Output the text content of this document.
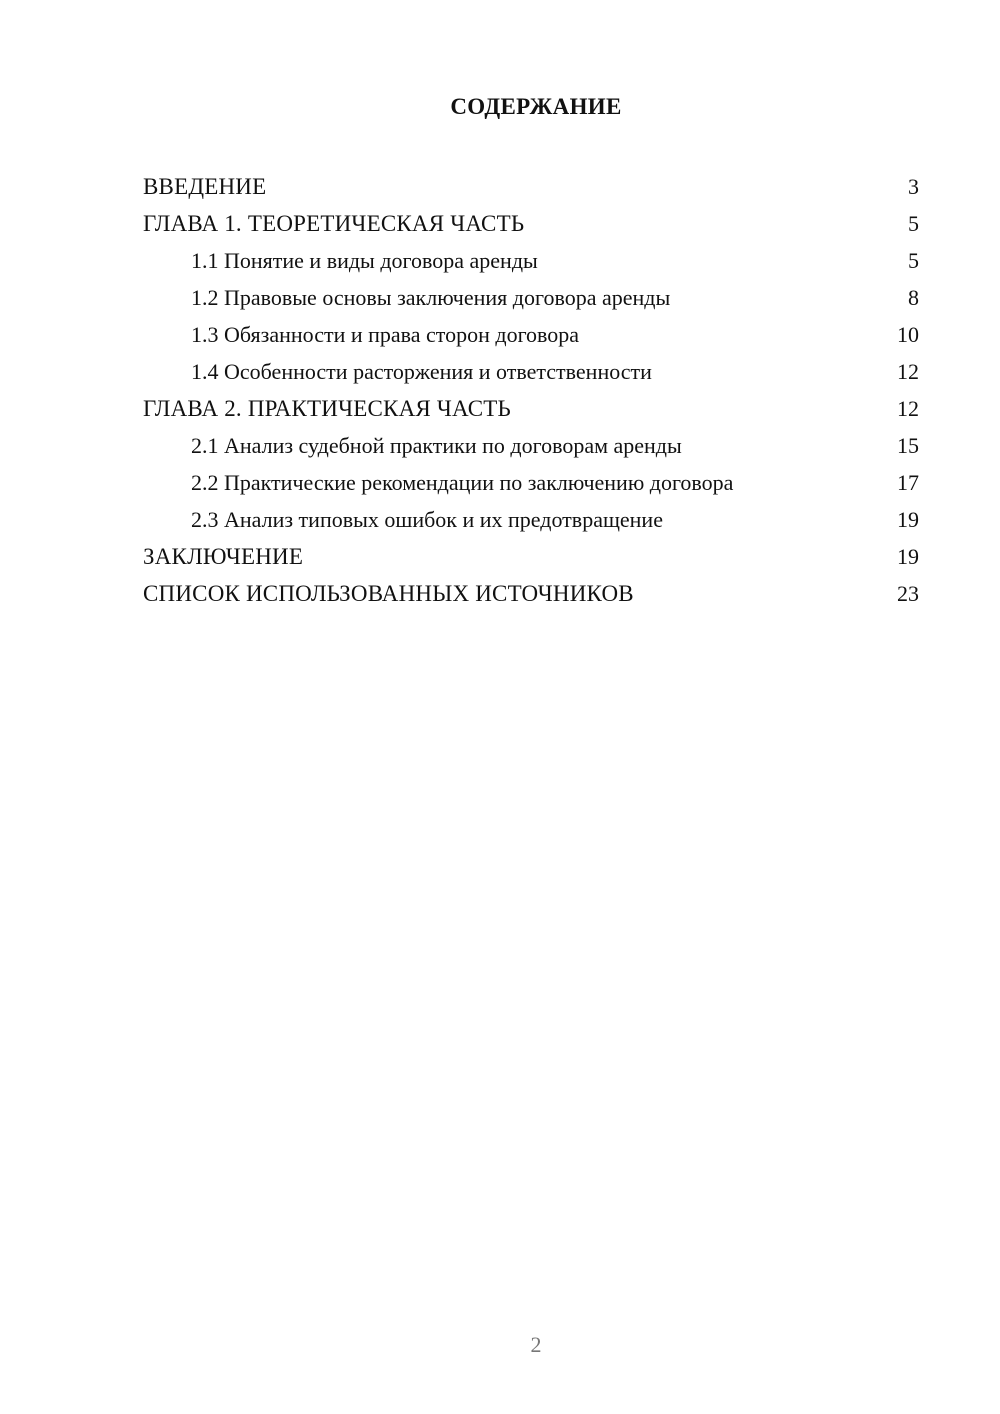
СОДЕРЖАНИЕ
ВВЕДЕНИЕ	3
ГЛАВА 1. ТЕОРЕТИЧЕСКАЯ ЧАСТЬ	5
1.1 Понятие и виды договора аренды	5
1.2 Правовые основы заключения договора аренды	8
1.3 Обязанности и права сторон договора	10
1.4 Особенности расторжения и ответственности	12
ГЛАВА 2. ПРАКТИЧЕСКАЯ ЧАСТЬ	12
2.1 Анализ судебной практики по договорам аренды	15
2.2 Практические рекомендации по заключению договора	17
2.3 Анализ типовых ошибок и их предотвращение	19
ЗАКЛЮЧЕНИЕ	19
СПИСОК ИСПОЛЬЗОВАННЫХ ИСТОЧНИКОВ	23
2
